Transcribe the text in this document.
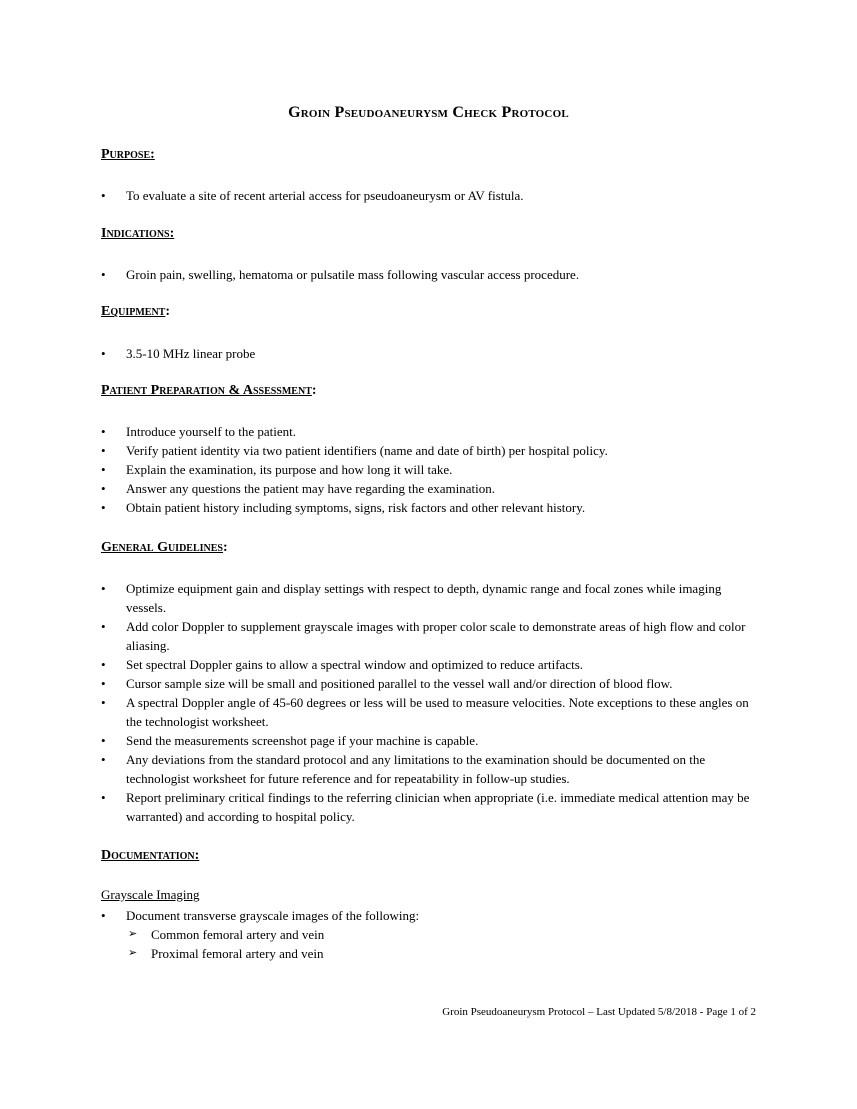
Groin Pseudoaneurysm Check Protocol
Purpose:
• To evaluate a site of recent arterial access for pseudoaneurysm or AV fistula.
Indications:
• Groin pain, swelling, hematoma or pulsatile mass following vascular access procedure.
Equipment:
• 3.5-10 MHz linear probe
Patient Preparation & Assessment:
• Introduce yourself to the patient.
• Verify patient identity via two patient identifiers (name and date of birth) per hospital policy.
• Explain the examination, its purpose and how long it will take.
• Answer any questions the patient may have regarding the examination.
• Obtain patient history including symptoms, signs, risk factors and other relevant history.
General Guidelines:
• Optimize equipment gain and display settings with respect to depth, dynamic range and focal zones while imaging vessels.
• Add color Doppler to supplement grayscale images with proper color scale to demonstrate areas of high flow and color aliasing.
• Set spectral Doppler gains to allow a spectral window and optimized to reduce artifacts.
• Cursor sample size will be small and positioned parallel to the vessel wall and/or direction of blood flow.
• A spectral Doppler angle of 45-60 degrees or less will be used to measure velocities. Note exceptions to these angles on the technologist worksheet.
• Send the measurements screenshot page if your machine is capable.
• Any deviations from the standard protocol and any limitations to the examination should be documented on the technologist worksheet for future reference and for repeatability in follow-up studies.
• Report preliminary critical findings to the referring clinician when appropriate (i.e. immediate medical attention may be warranted) and according to hospital policy.
Documentation:
Grayscale Imaging
• Document transverse grayscale images of the following:
➢ Common femoral artery and vein
➢ Proximal femoral artery and vein
Groin Pseudoaneurysm Protocol – Last Updated 5/8/2018 - Page 1 of 2
